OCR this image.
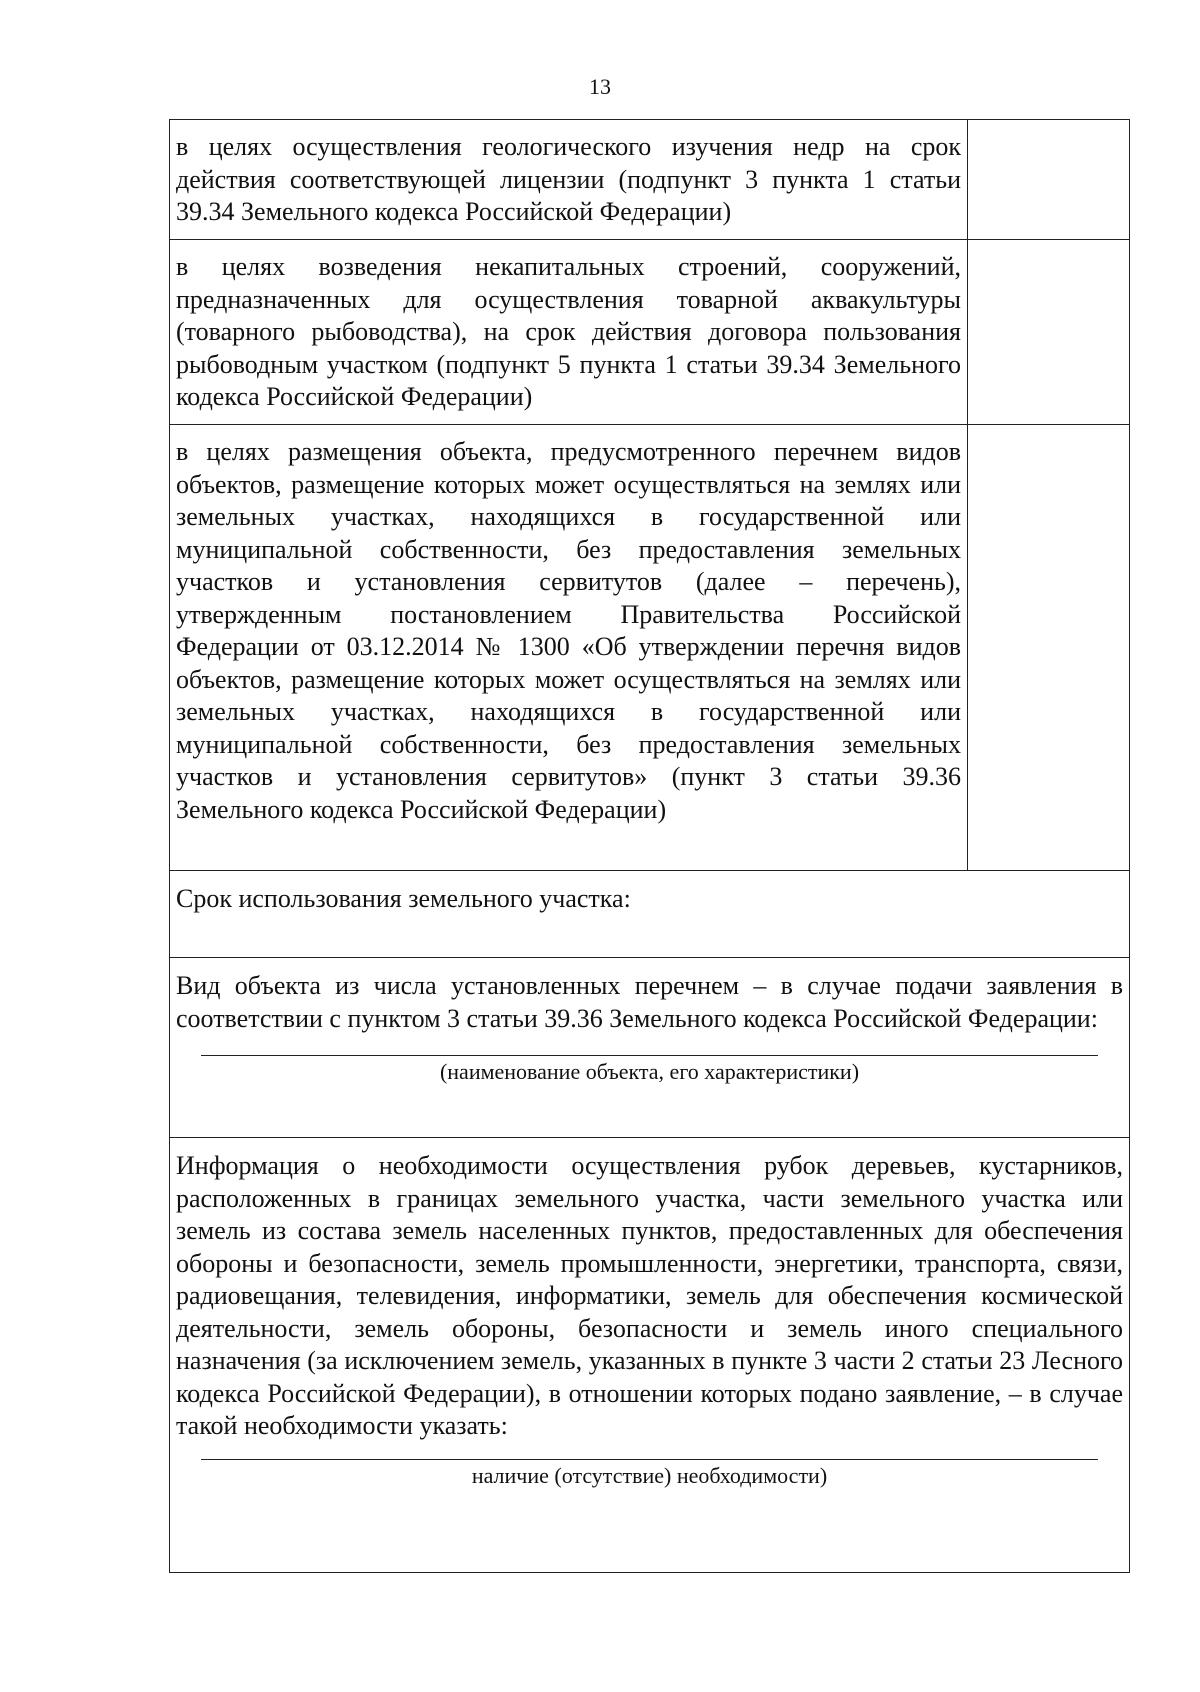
13
в целях осуществления геологического изучения недр на срок действия соответствующей лицензии (подпункт 3 пункта 1 статьи 39.34 Земельного кодекса Российской Федерации)
в целях возведения некапитальных строений, сооружений, предназначенных для осуществления товарной аквакультуры (товарного рыбоводства), на срок действия договора пользования рыбоводным участком (подпункт 5 пункта 1 статьи 39.34 Земельного кодекса Российской Федерации)
в целях размещения объекта, предусмотренного перечнем видов объектов, размещение которых может осуществляться на землях или земельных участках, находящихся в государственной или муниципальной собственности, без предоставления земельных участков и установления сервитутов (далее – перечень), утвержденным постановлением Правительства Российской Федерации от 03.12.2014 № 1300 «Об утверждении перечня видов объектов, размещение которых может осуществляться на землях или земельных участках, находящихся в государственной или муниципальной собственности, без предоставления земельных участков и установления сервитутов» (пункт 3 статьи 39.36 Земельного кодекса Российской Федерации)
Срок использования земельного участка:
Вид объекта из числа установленных перечнем – в случае подачи заявления в соответствии с пунктом 3 статьи 39.36 Земельного кодекса Российской Федерации:
(наименование объекта, его характеристики)
Информация о необходимости осуществления рубок деревьев, кустарников, расположенных в границах земельного участка, части земельного участка или земель из состава земель населенных пунктов, предоставленных для обеспечения обороны и безопасности, земель промышленности, энергетики, транспорта, связи, радиовещания, телевидения, информатики, земель для обеспечения космической деятельности, земель обороны, безопасности и земель иного специального назначения (за исключением земель, указанных в пункте 3 части 2 статьи 23 Лесного кодекса Российской Федерации), в отношении которых подано заявление, – в случае такой необходимости указать:
наличие (отсутствие) необходимости)
